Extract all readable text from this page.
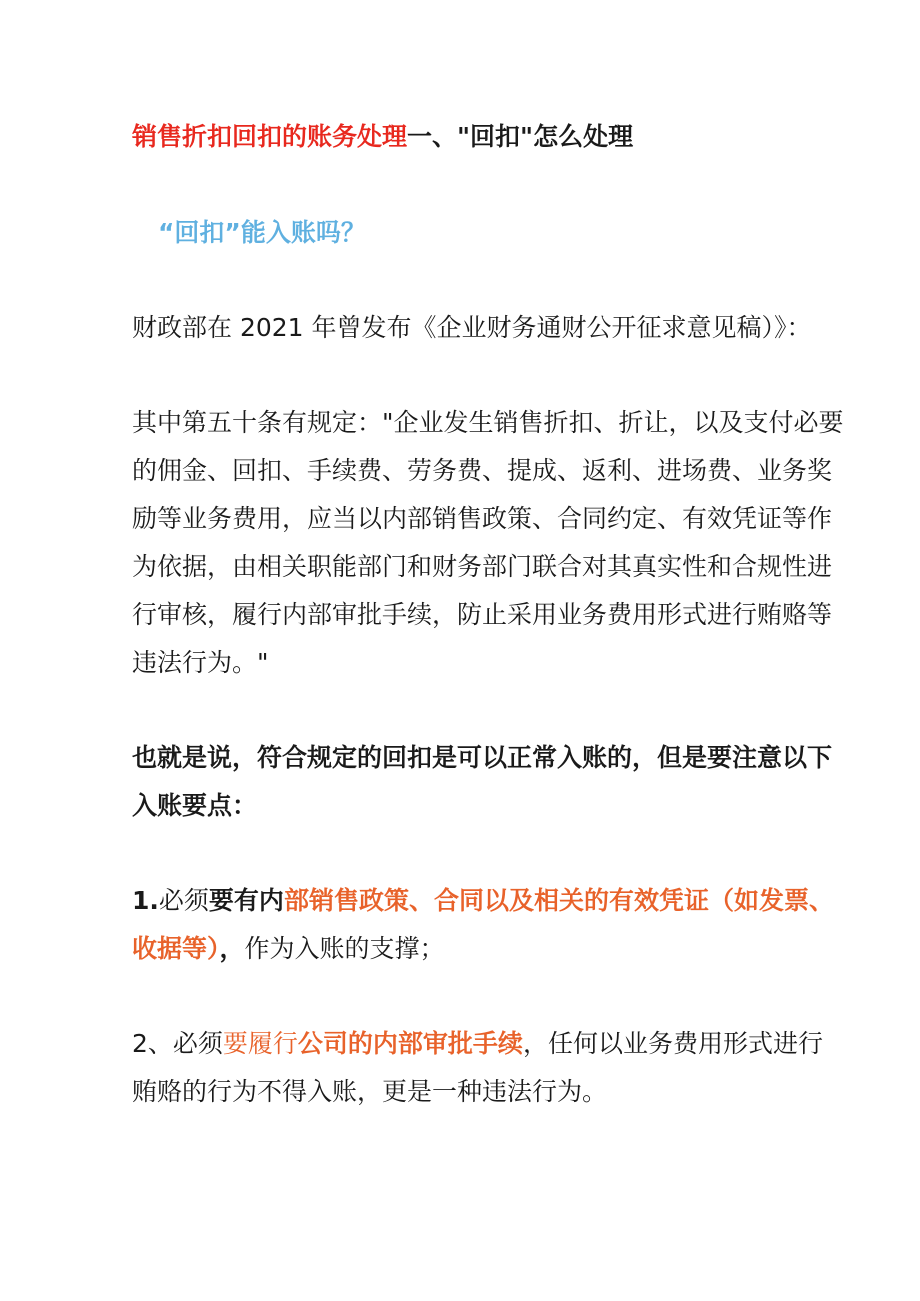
销售折扣回扣的账务处理一、"回扣"怎么处理
“回扣”能入账吗？
财政部在 2021 年曾发布《企业财务通财公开征求意见稿）》：
其中第五十条有规定："企业发生销售折扣、折让，以及支付必要
的佣金、回扣、手续费、劳务费、提成、返利、进场费、业务奖
励等业务费用，应当以内部销售政策、合同约定、有效凭证等作
为依据，由相关职能部门和财务部门联合对其真实性和合规性进
行审核，履行内部审批手续，防止采用业务费用形式进行贿赂等
违法行为。"
也就是说，符合规定的回扣是可以正常入账的，但是要注意以下
入账要点：
1.必须要有内部销售政策、合同以及相关的有效凭证（如发票、
收据等），作为入账的支撑；
2、必须要履行公司的内部审批手续，任何以业务费用形式进行
贿赂的行为不得入账，更是一种违法行为。
